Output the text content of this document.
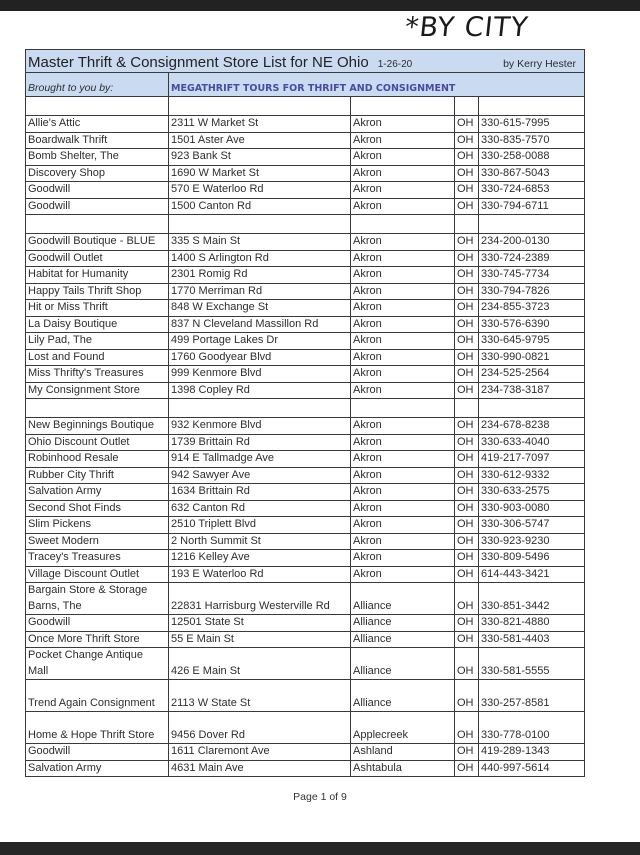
*BY CITY
Master Thrift & Consignment Store List for NE Ohio 1-26-20 by Kerry Hester				

Brought to you by:	MEGATHRIFT TOURS FOR THRIFT AND CONSIGNMENT			

Allie's Attic	2311 W Market St	Akron	OH	330-615-7995
Boardwalk Thrift	1501 Aster Ave	Akron	OH	330-835-7570
Bomb Shelter, The	923 Bank St	Akron	OH	330-258-0088
Discovery Shop	1690 W Market St	Akron	OH	330-867-5043
Goodwill	570 E Waterloo Rd	Akron	OH	330-724-6853
Goodwill	1500 Canton Rd	Akron	OH	330-794-6711

Goodwill Boutique - BLUE	335 S Main St	Akron	OH	234-200-0130
Goodwill Outlet	1400 S Arlington Rd	Akron	OH	330-724-2389
Habitat for Humanity	2301 Romig Rd	Akron	OH	330-745-7734
Happy Tails Thrift Shop	1770 Merriman Rd	Akron	OH	330-794-7826
Hit or Miss Thrift	848 W Exchange St	Akron	OH	234-855-3723
La Daisy Boutique	837 N Cleveland Massillon Rd	Akron	OH	330-576-6390
Lily Pad, The	499 Portage Lakes Dr	Akron	OH	330-645-9795
Lost and Found	1760 Goodyear Blvd	Akron	OH	330-990-0821
Miss Thrifty's Treasures	999 Kenmore Blvd	Akron	OH	234-525-2564
My Consignment Store	1398 Copley Rd	Akron	OH	234-738-3187

New Beginnings Boutique	932 Kenmore Blvd	Akron	OH	234-678-8238
Ohio Discount Outlet	1739 Brittain Rd	Akron	OH	330-633-4040
Robinhood Resale	914 E Tallmadge Ave	Akron	OH	419-217-7097
Rubber City Thrift	942 Sawyer Ave	Akron	OH	330-612-9332
Salvation Army	1634 Brittain Rd	Akron	OH	330-633-2575
Second Shot Finds	632 Canton Rd	Akron	OH	330-903-0080
Slim Pickens	2510 Triplett Blvd	Akron	OH	330-306-5747
Sweet Modern	2 North Summit St	Akron	OH	330-923-9230
Tracey's Treasures	1216 Kelley Ave	Akron	OH	330-809-5496
Village Discount Outlet	193 E Waterloo Rd	Akron	OH	614-443-3421
Bargain Store & Storage Barns, The	22831 Harrisburg Westerville Rd	Alliance	OH	330-851-3442
Goodwill	12501 State St	Alliance	OH	330-821-4880
Once More Thrift Store	55 E Main St	Alliance	OH	330-581-4403
Pocket Change Antique Mall	426 E Main St	Alliance	OH	330-581-5555
Trend Again Consignment	2113 W State St	Alliance	OH	330-257-8581
Home & Hope Thrift Store	9456 Dover Rd	Applecreek	OH	330-778-0100
Goodwill	1611 Claremont Ave	Ashland	OH	419-289-1343
Salvation Army	4631 Main Ave	Ashtabula	OH	440-997-5614
Page 1 of 9
